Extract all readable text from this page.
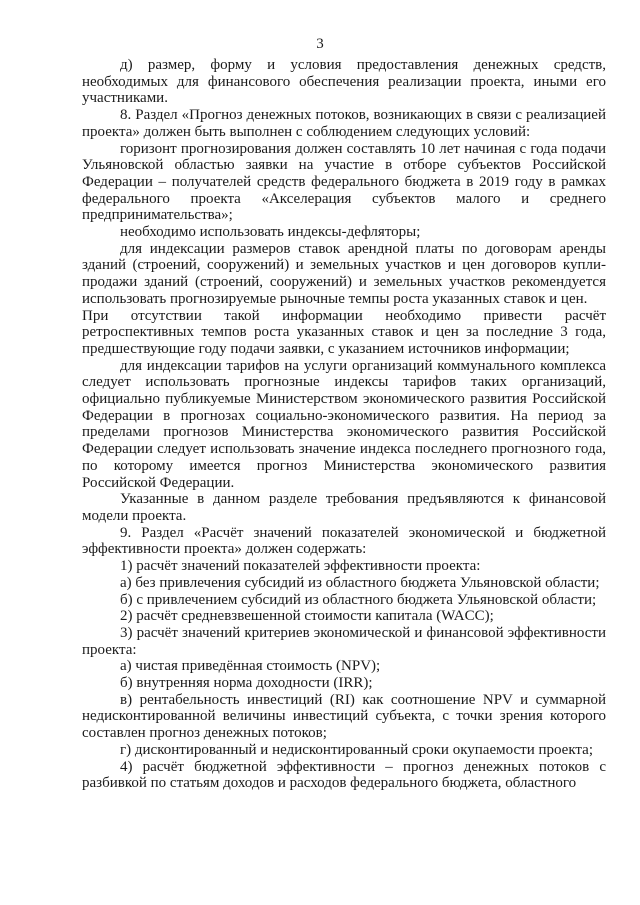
3

д) размер, форму и условия предоставления денежных средств, необходимых для финансового обеспечения реализации проекта, иными его участниками.

8. Раздел «Прогноз денежных потоков, возникающих в связи с реализацией проекта» должен быть выполнен с соблюдением следующих условий:

горизонт прогнозирования должен составлять 10 лет начиная с года подачи Ульяновской областью заявки на участие в отборе субъектов Российской Федерации – получателей средств федерального бюджета в 2019 году в рамках федерального проекта «Акселерация субъектов малого и среднего предпринимательства»;

необходимо использовать индексы-дефляторы;

для индексации размеров ставок арендной платы по договорам аренды зданий (строений, сооружений) и земельных участков и цен договоров купли-продажи зданий (строений, сооружений) и земельных участков рекомендуется использовать прогнозируемые рыночные темпы роста указанных ставок и цен.

При отсутствии такой информации необходимо привести расчёт ретроспективных темпов роста указанных ставок и цен за последние 3 года, предшествующие году подачи заявки, с указанием источников информации;

для индексации тарифов на услуги организаций коммунального комплекса следует использовать прогнозные индексы тарифов таких организаций, официально публикуемые Министерством экономического развития Российской Федерации в прогнозах социально-экономического развития. На период за пределами прогнозов Министерства экономического развития Российской Федерации следует использовать значение индекса последнего прогнозного года, по которому имеется прогноз Министерства экономического развития Российской Федерации.

Указанные в данном разделе требования предъявляются к финансовой модели проекта.

9. Раздел «Расчёт значений показателей экономической и бюджетной эффективности проекта» должен содержать:

1) расчёт значений показателей эффективности проекта:

а) без привлечения субсидий из областного бюджета Ульяновской области;

б) с привлечением субсидий из областного бюджета Ульяновской области;

2) расчёт средневзвешенной стоимости капитала (WACC);

3) расчёт значений критериев экономической и финансовой эффективности проекта:

а) чистая приведённая стоимость (NPV);

б) внутренняя норма доходности (IRR);

в) рентабельность инвестиций (RI) как соотношение NPV и суммарной недисконтированной величины инвестиций субъекта, с точки зрения которого составлен прогноз денежных потоков;

г) дисконтированный и недисконтированный сроки окупаемости проекта;

4) расчёт бюджетной эффективности – прогноз денежных потоков с разбивкой по статьям доходов и расходов федерального бюджета, областного
